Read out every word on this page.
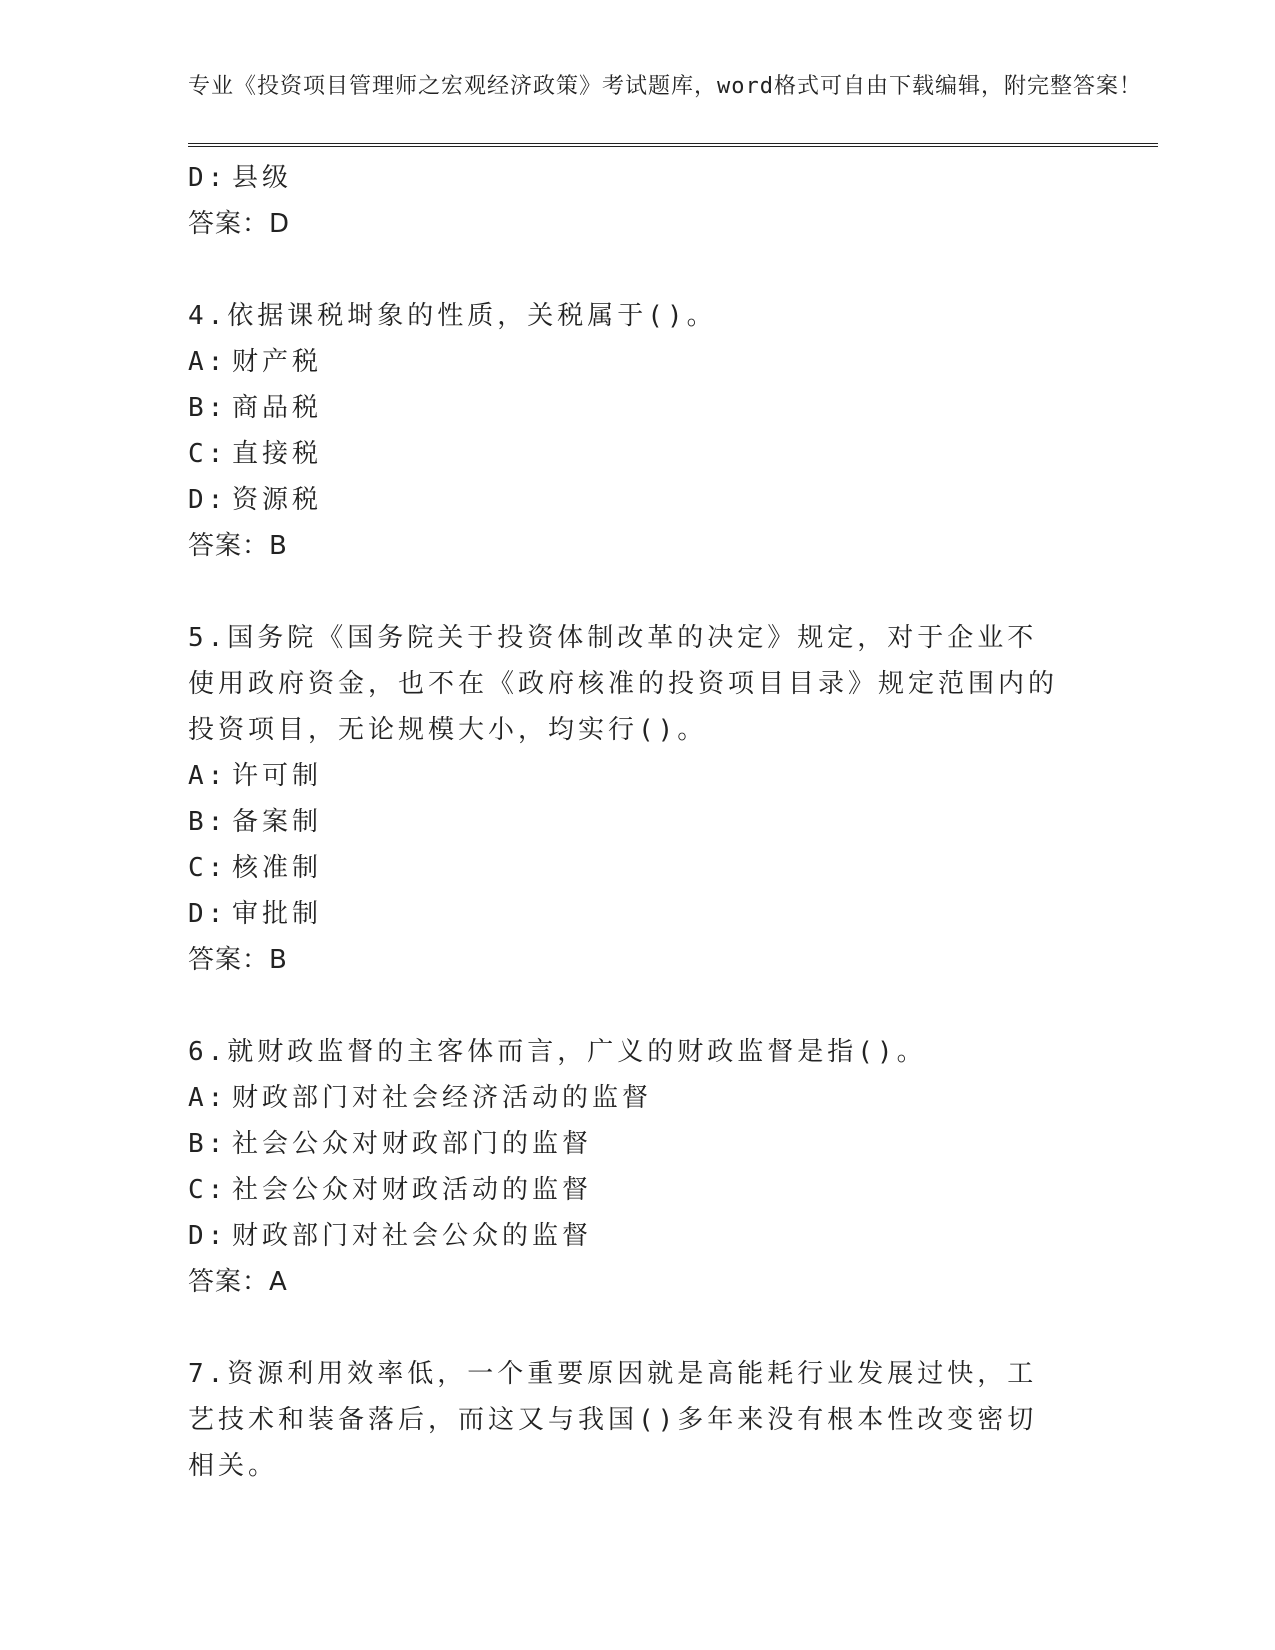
专业《投资项目管理师之宏观经济政策》考试题库，word格式可自由下载编辑，附完整答案！
D: 县级
答案：D
4.依据课税埘象的性质，关税属于()。
A: 财产税
B: 商品税
C: 直接税
D: 资源税
答案：B
5.国务院《国务院关于投资体制改革的决定》规定，对于企业不使用政府资金，也不在《政府核准的投资项目目录》规定范围内的投资项目，无论规模大小，均实行()。
A: 许可制
B: 备案制
C: 核准制
D: 审批制
答案：B
6.就财政监督的主客体而言，广义的财政监督是指()。
A: 财政部门对社会经济活动的监督
B: 社会公众对财政部门的监督
C: 社会公众对财政活动的监督
D: 财政部门对社会公众的监督
答案：A
7.资源利用效率低，一个重要原因就是高能耗行业发展过快，工艺技术和装备落后，而这又与我国()多年来没有根本性改变密切相关。
